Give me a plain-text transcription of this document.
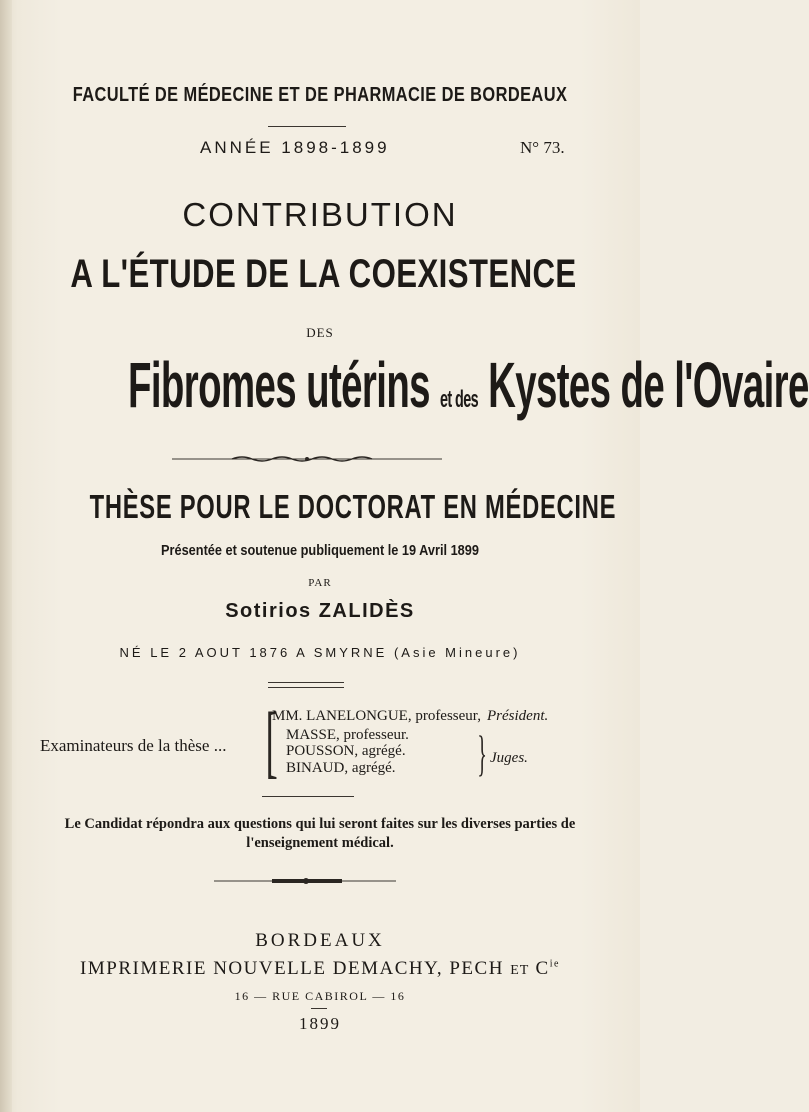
FACULTÉ DE MÉDECINE ET DE PHARMACIE DE BORDEAUX
ANNÉE 1898-1899	N° 73.
CONTRIBUTION
A L'ÉTUDE DE LA COEXISTENCE
DES
Fibromes utérins et des Kystes de l'Ovaire
THÈSE POUR LE DOCTORAT EN MÉDECINE
Présentée et soutenue publiquement le 19 Avril 1899
PAR
Sotirios ZALIDÈS
NÉ LE 2 AOUT 1876 A SMYRNE (Asie Mineure)
Examinateurs de la thèse ... [
MM. LANELONGUE, professeur, Président.
MASSE, professeur.
POUSSON, agrégé.
BINAUD, agrégé. } Juges.
Le Candidat répondra aux questions qui lui seront faites sur les diverses parties de l'enseignement médical.
BORDEAUX
IMPRIMERIE NOUVELLE DEMACHY, PECH ET $C^{ie}$
16 — RUE CABIROL — 16
1899
